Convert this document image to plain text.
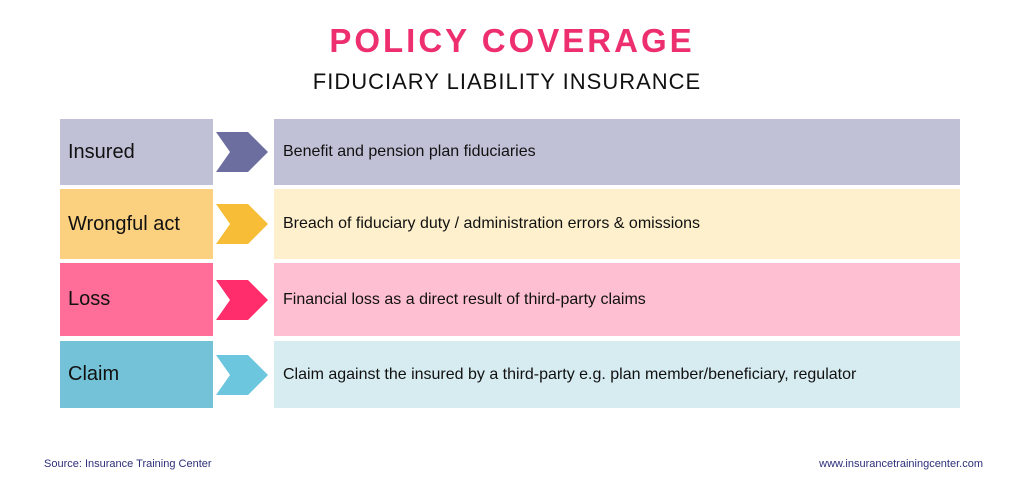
POLICY COVERAGE
FIDUCIARY LIABILITY INSURANCE
Insured	Benefit and pension plan fiduciaries
Wrongful act	Breach of fiduciary duty / administration errors & omissions
Loss	Financial loss as a direct result of third-party claims
Claim	Claim against the insured by a third-party e.g. plan member/beneficiary, regulator
Source: Insurance Training Center	www.insurancetrainingcenter.com
